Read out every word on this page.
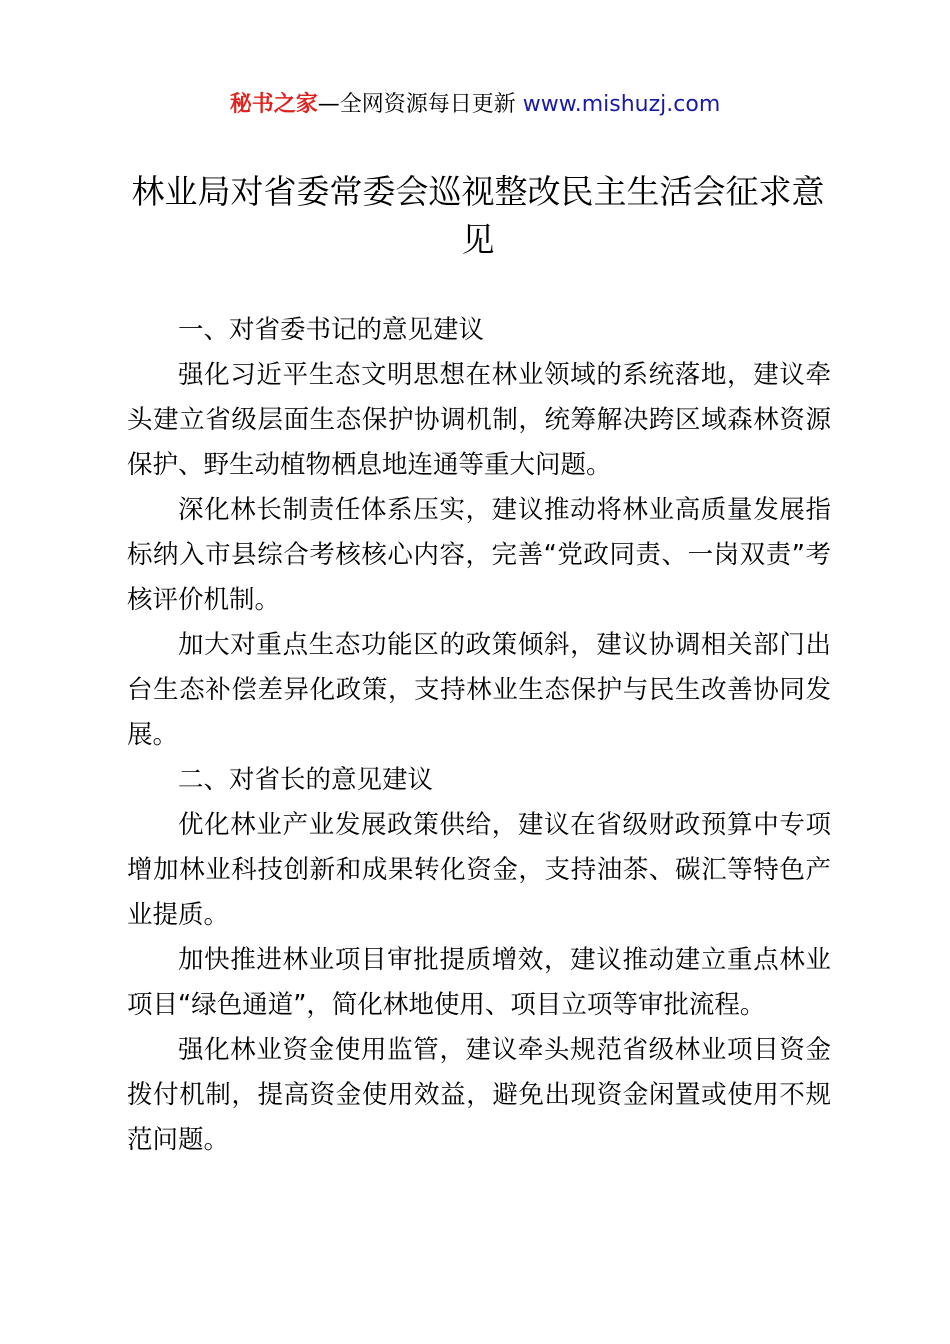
秘书之家—全网资源每日更新 www.mishuzj.com
林业局对省委常委会巡视整改民主生活会征求意见

一、对省委书记的意见建议

强化习近平生态文明思想在林业领域的系统落地，建议牵头建立省级层面生态保护协调机制，统筹解决跨区域森林资源保护、野生动植物栖息地连通等重大问题。

深化林长制责任体系压实，建议推动将林业高质量发展指标纳入市县综合考核核心内容，完善“党政同责、一岗双责”考核评价机制。

加大对重点生态功能区的政策倾斜，建议协调相关部门出台生态补偿差异化政策，支持林业生态保护与民生改善协同发展。

二、对省长的意见建议

优化林业产业发展政策供给，建议在省级财政预算中专项增加林业科技创新和成果转化资金，支持油茶、碳汇等特色产业提质。

加快推进林业项目审批提质增效，建议推动建立重点林业项目“绿色通道”，简化林地使用、项目立项等审批流程。

强化林业资金使用监管，建议牵头规范省级林业项目资金拨付机制，提高资金使用效益，避免出现资金闲置或使用不规范问题。
